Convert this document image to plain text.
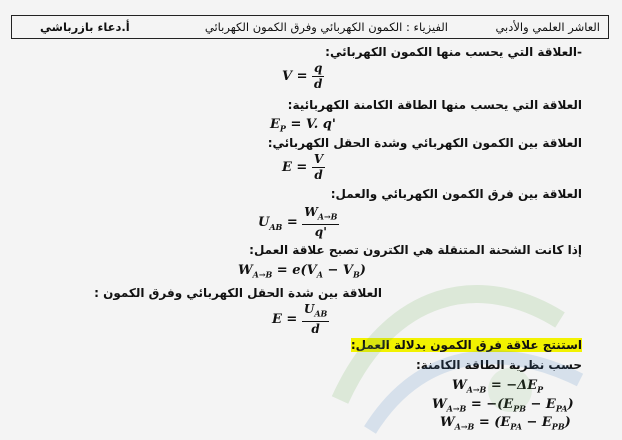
العاشر العلمي والأدبي
الفيزياء : الكمون الكهربائي وفرق الكمون الكهربائي
أ.دعاء بازرباشي
-العلاقة التي يحسب منها الكمون الكهربائي:
$V = \frac{q}{d}$
العلاقة التي يحسب منها الطاقة الكامنة الكهربائية:
$E_P = V$. q'
العلاقة بين الكمون الكهربائي وشدة الحقل الكهربائي:
$E = \frac{V}{d}$
العلاقة بين فرق الكمون الكهربائي والعمل:
$U_{AB} = \frac{W_{A\to B}}{q'}$
إذا كانت الشحنة المتنقلة هي الكترون تصبح علاقة العمل:
$W_{A\to B} = e(V_A - V_B)$
العلاقة بين شدة الحقل الكهربائي وفرق الكمون :
$E = \frac{U_{AB}}{d}$
استنتج علاقة فرق الكمون بدلالة العمل:
حسب نظرية الطاقة الكامنة:
$W_{A\to B} = -\Delta E_P$
$W_{A\to B} = -(E_{PB} - E_{PA})$
$W_{A\to B} = (E_{PA} - E_{PB})$
